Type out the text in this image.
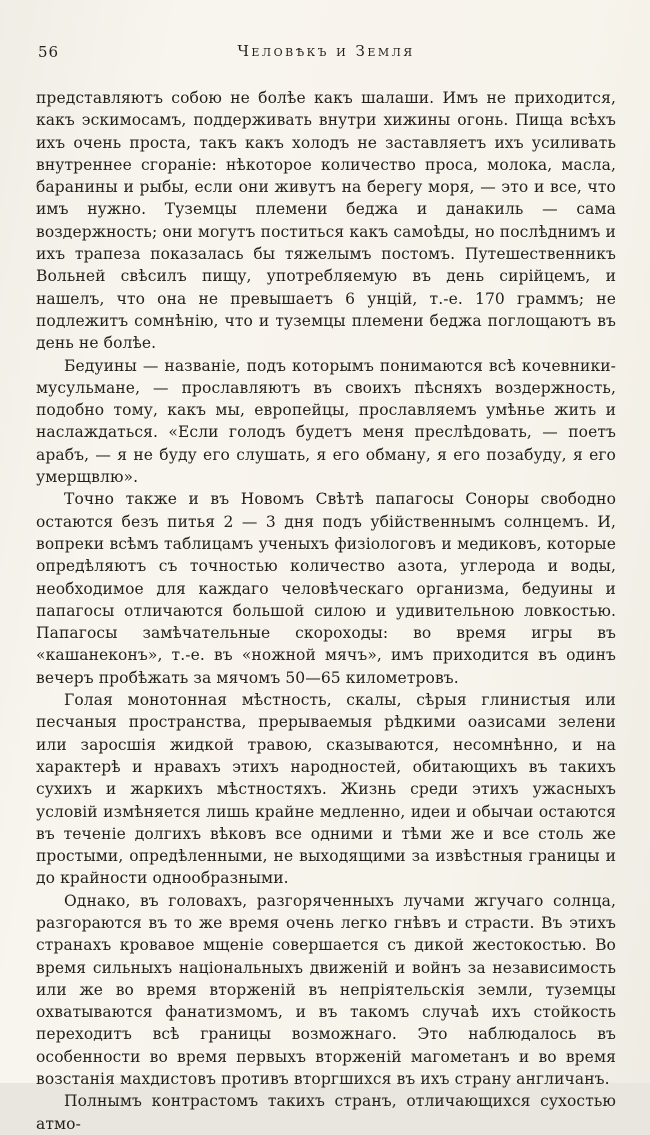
56	Человѣкъ и Земля

представляютъ собою не болѣе какъ шалаши. Имъ не приходится, какъ эскимосамъ, поддерживать внутри хижины огонь. Пища всѣхъ ихъ очень проста, такъ какъ холодъ не заставляетъ ихъ усиливать внутреннее сгораніе: нѣкоторое количество проса, молока, масла, баранины и рыбы, если они живутъ на берегу моря, — это и все, что имъ нужно. Туземцы племени беджа и данакиль — сама воздержность; они могутъ поститься какъ самоѣды, но послѣднимъ и ихъ трапеза показалась бы тяжелымъ постомъ. Путешественникъ Вольней свѣсилъ пищу, употребляемую въ день сирійцемъ, и нашелъ, что она не превышаетъ 6 унцій, т.-е. 170 граммъ; не подлежитъ сомнѣнію, что и туземцы племени беджа поглощаютъ въ день не болѣе.

Бедуины — названіе, подъ которымъ понимаются всѣ кочевники-мусульмане, — прославляютъ въ своихъ пѣсняхъ воздержность, подобно тому, какъ мы, европейцы, прославляемъ умѣнье жить и наслаждаться. «Если голодъ будетъ меня преслѣдовать, — поетъ арабъ, — я не буду его слушать, я его обману, я его позабуду, я его умерщвлю».

Точно также и въ Новомъ Свѣтѣ папагосы Соноры свободно остаются безъ питья 2 — 3 дня подъ убійственнымъ солнцемъ. И, вопреки всѣмъ таблицамъ ученыхъ физіологовъ и медиковъ, которые опредѣляютъ съ точностью количество азота, углерода и воды, необходимое для каждаго человѣческаго организма, бедуины и папагосы отличаются большой силою и удивительною ловкостью. Папагосы замѣчательные скороходы: во время игры въ «кашанеконъ», т.-е. въ «ножной мячъ», имъ приходится въ одинъ вечеръ пробѣжать за мячомъ 50—65 километровъ.

Голая монотонная мѣстность, скалы, сѣрыя глинистыя или песчаныя пространства, прерываемыя рѣдкими оазисами зелени или заросшія жидкой травою, сказываются, несомнѣнно, и на характерѣ и нравахъ этихъ народностей, обитающихъ въ такихъ сухихъ и жаркихъ мѣстностяхъ. Жизнь среди этихъ ужасныхъ условій измѣняется лишь крайне медленно, идеи и обычаи остаются въ теченіе долгихъ вѣковъ все одними и тѣми же и все столь же простыми, опредѣленными, не выходящими за извѣстныя границы и до крайности однообразными.

Однако, въ головахъ, разгоряченныхъ лучами жгучаго солнца, разгораются въ то же время очень легко гнѣвъ и страсти. Въ этихъ странахъ кровавое мщеніе совершается съ дикой жестокостью. Во время сильныхъ національныхъ движеній и войнъ за независимость или же во время вторженій въ непріятельскія земли, туземцы охватываются фанатизмомъ, и въ такомъ случаѣ ихъ стойкость переходитъ всѣ границы возможнаго. Это наблюдалось въ особенности во время первыхъ вторженій магометанъ и во время возстанія махдистовъ противъ вторгшихся въ ихъ страну англичанъ.

Полнымъ контрастомъ такихъ странъ, отличающихся сухостью атмо-
